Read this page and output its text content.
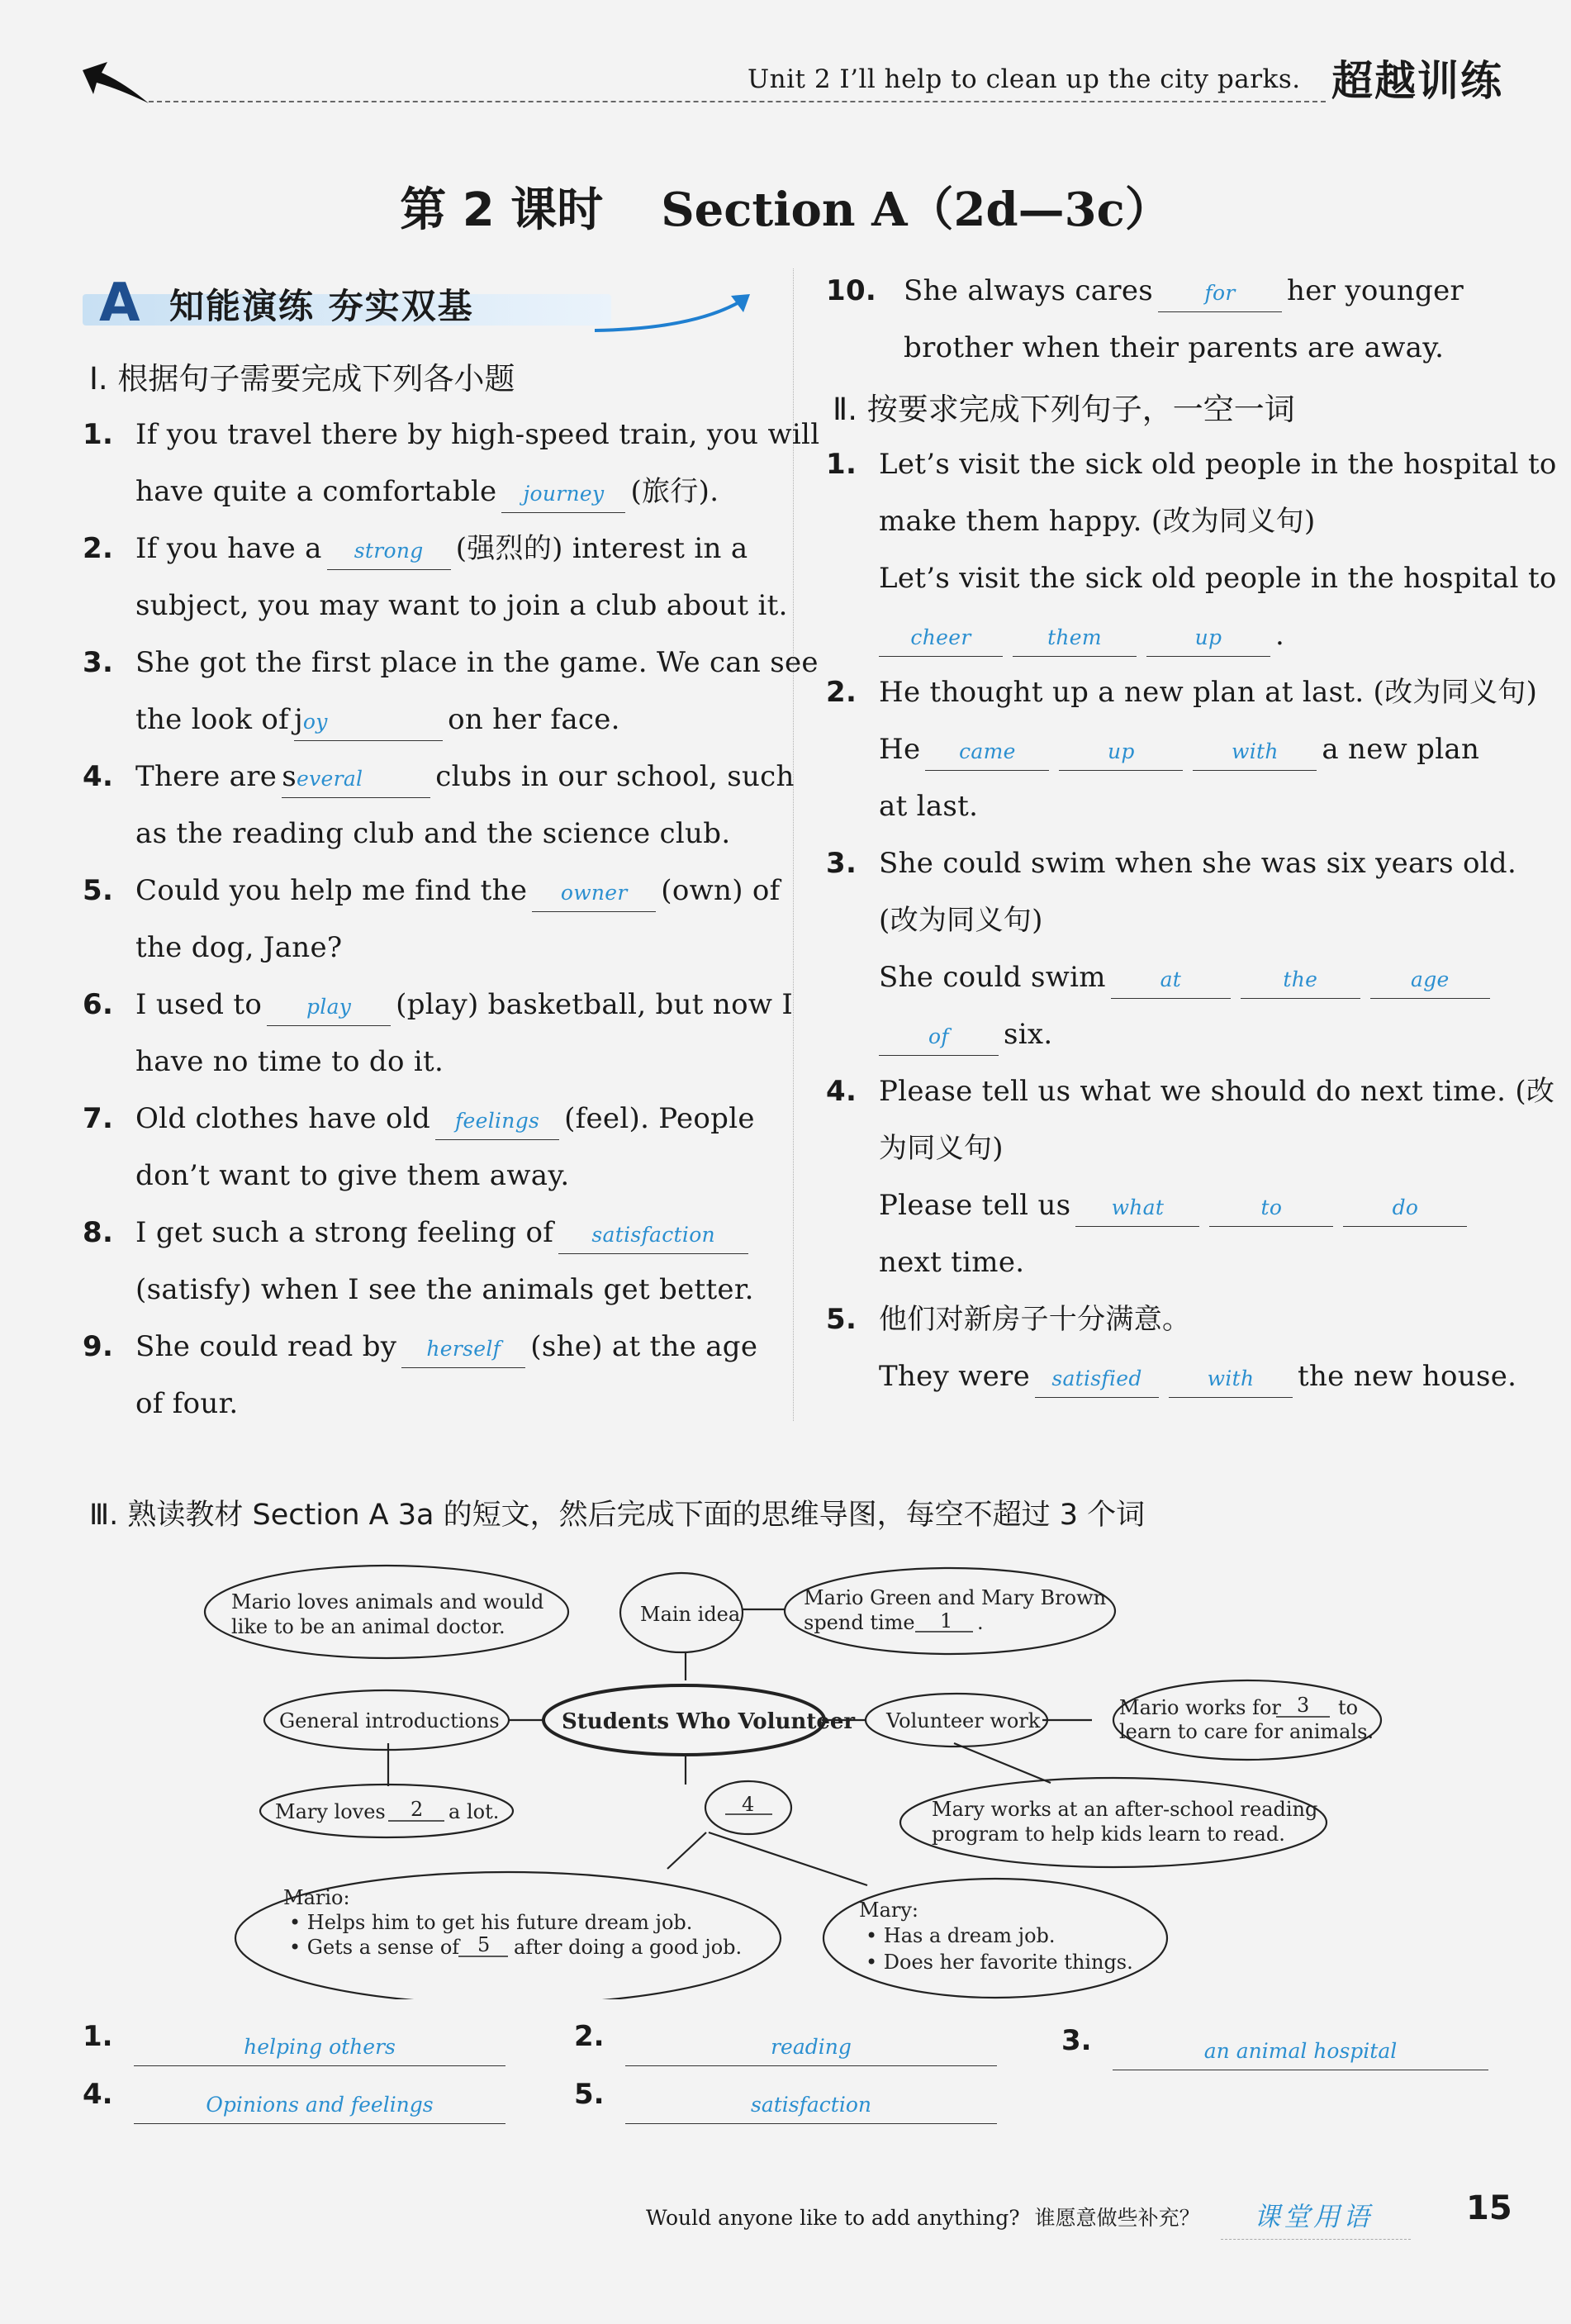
Unit 2 I’ll help to clean up the city parks. 超越训练
第 2 课时 Section A（2d—3c）
A 知能演练 夯实双基
Ⅰ. 根据句子需要完成下列各小题
1. If you travel there by high-speed train, you will
have quite a comfortable journey (旅行).
2. If you have a strong (强烈的) interest in a
subject, you may want to join a club about it.
3. She got the first place in the game. We can see
the look of joy	on her face.
4. There are several	clubs in our school, such
as the reading club and the science club.
5. Could you help me find the owner (own) of
the dog, Jane?
6. I used to play (play) basketball, but now I
have no time to do it.
7. Old clothes have old feelings (feel). People
don’t want to give them away.
8. I get such a strong feeling of satisfaction
(satisfy) when I see the animals get better.
9. She could read by herself (she) at the age
of four.
10. She always cares for her younger
brother when their parents are away.
Ⅱ. 按要求完成下列句子，一空一词
1. Let’s visit the sick old people in the hospital to
make them happy. (改为同义句)
Let’s visit the sick old people in the hospital to
cheer	them	up .
2. He thought up a new plan at last. (改为同义句)
He came	up	with a new plan
at last.
3. She could swim when she was six years old.
(改为同义句)
She could swim	at	the	age
of six.
4. Please tell us what we should do next time. (改
为同义句)
Please tell us what	to	do
next time.
5. 他们对新房子十分满意。
They were satisfied	with the new house.
Ⅲ. 熟读教材 Section A 3a 的短文，然后完成下面的思维导图，每空不超过 3 个词
Mario loves animals and would
like to be an animal doctor.
Main idea
Mario Green and Mary Brown
spend time 1 .
General introductions	Students Who Volunteer Volunteer work
Mario works for 3 to
learn to care for animals.
Mary loves 2 a lot.	4	Mary works at an after-school reading
program to help kids learn to read.
Mario:
• Helps him to get his future dream job.
• Gets a sense of 5 after doing a good job.
Mary:
• Has a dream job.
• Does her favorite things.
1.	helping others	2.	reading	3.	an animal hospital
4.	Opinions and feelings	5.	satisfaction
Would anyone like to add anything? 谁愿意做些补充？ 课堂用语	15
